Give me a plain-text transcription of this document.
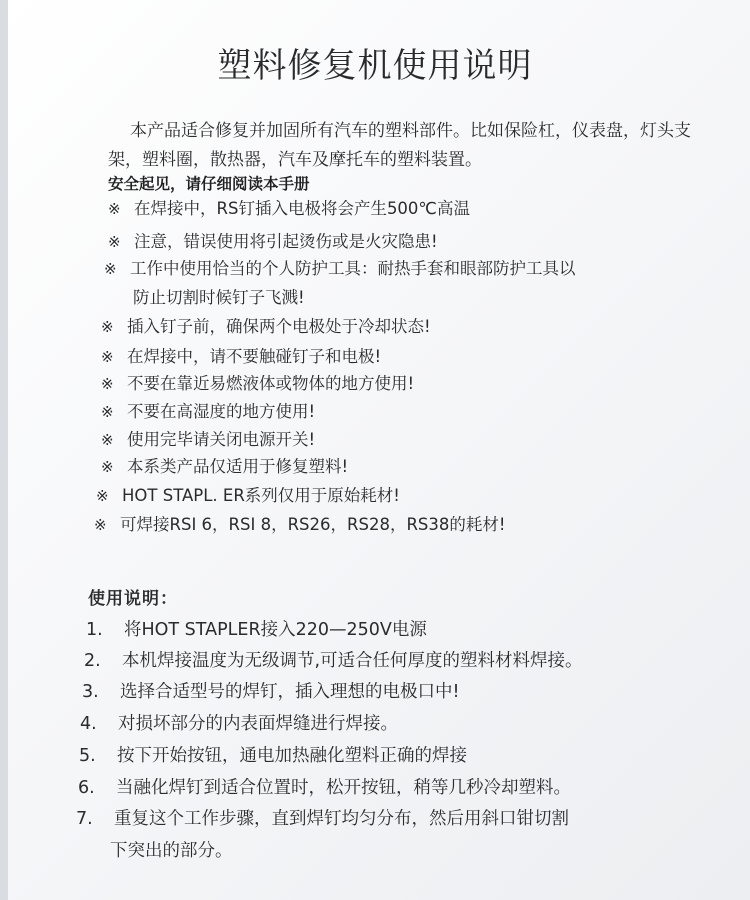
塑料修复机使用说明

本产品适合修复并加固所有汽车的塑料部件。比如保险杠，仪表盘，灯头支架，塑料圈，散热器，汽车及摩托车的塑料装置。

安全起见，请仔细阅读本手册
※ 在焊接中，RS钉插入电极将会产生500℃高温
※ 注意，错误使用将引起烫伤或是火灾隐患!
※ 工作中使用恰当的个人防护工具：耐热手套和眼部防护工具以
防止切割时候钉子飞溅!
※ 插入钉子前，确保两个电极处于冷却状态!
※ 在焊接中，请不要触碰钉子和电极!
※ 不要在靠近易燃液体或物体的地方使用!
※ 不要在高湿度的地方使用!
※ 使用完毕请关闭电源开关!
※ 本系类产品仅适用于修复塑料!
※ HOT STAPL. ER系列仅用于原始耗材!
※ 可焊接RSI 6，RSI 8，RS26，RS28，RS38的耗材!
使用说明：
1. 将HOT STAPLER接入220—250V电源
2. 本机焊接温度为无级调节,可适合任何厚度的塑料材料焊接。
3. 选择合适型号的焊钉，插入理想的电极口中!
4. 对损坏部分的内表面焊缝进行焊接。
5. 按下开始按钮，通电加热融化塑料正确的焊接
6. 当融化焊钉到适合位置时，松开按钮，稍等几秒冷却塑料。
7. 重复这个工作步骤，直到焊钉均匀分布，然后用斜口钳切割
下突出的部分。
